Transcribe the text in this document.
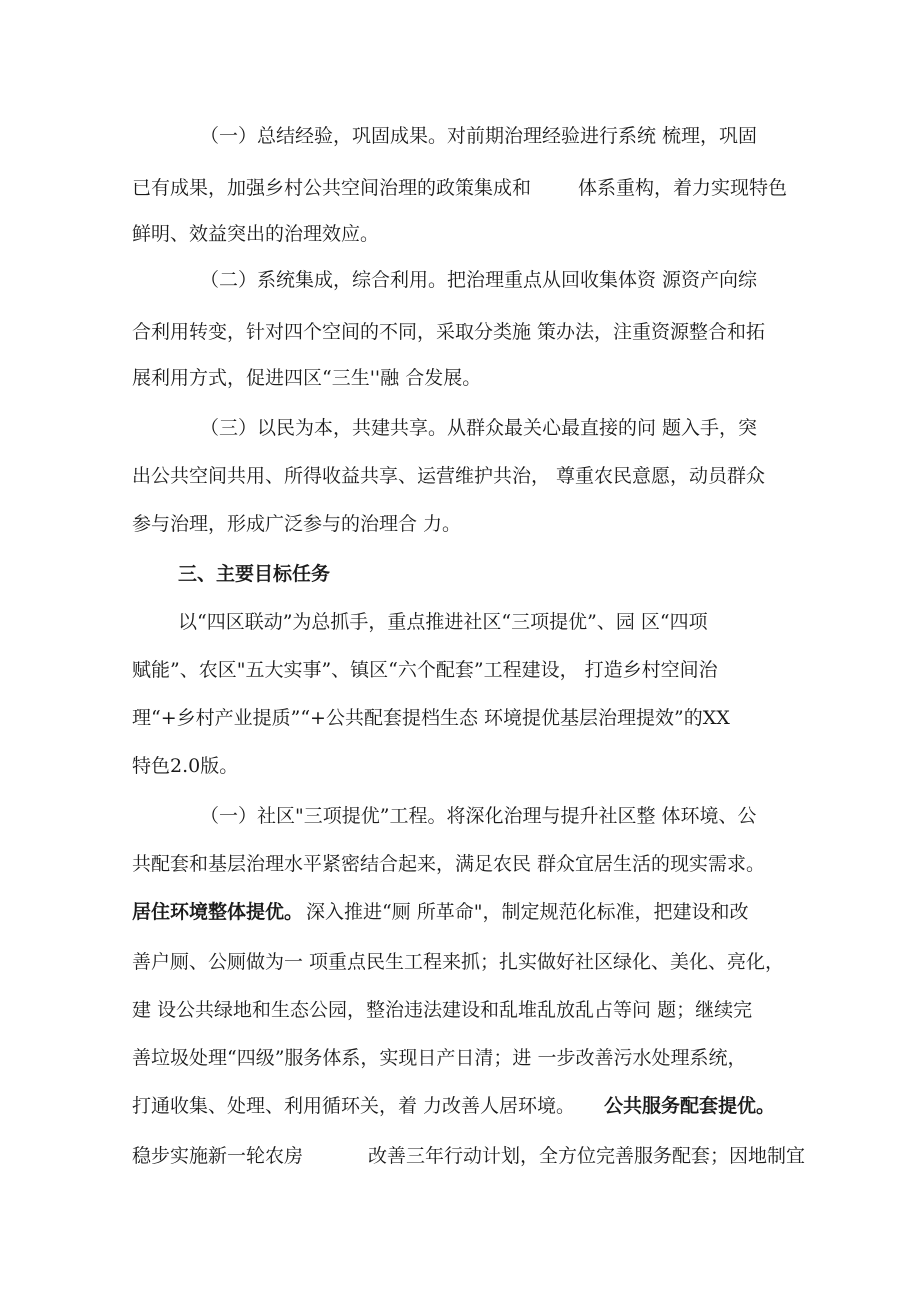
（一）总结经验，巩固成果。对前期治理经验进行系统 梳理，巩固
已有成果，加强乡村公共空间治理的政策集成和 体系重构，着力实现特色
鲜明、效益突出的治理效应。
（二）系统集成，综合利用。把治理重点从回收集体资 源资产向综
合利用转变，针对四个空间的不同，采取分类施 策办法，注重资源整合和拓
展利用方式，促进四区“三生''融 合发展。
（三）以民为本，共建共享。从群众最关心最直接的问 题入手，突
出公共空间共用、所得收益共享、运营维护共治， 尊重农民意愿，动员群众
参与治理，形成广泛参与的治理合 力。
三、主要目标任务
以“四区联动”为总抓手，重点推进社区“三项提优”、园 区“四项
赋能”、农区"五大实事”、镇区“六个配套”工程建设， 打造乡村空间治
理“+乡村产业提质”“+公共配套提档生态 环境提优基层治理提效”的XX
特色2.0版。
（一）社区"三项提优”工程。将深化治理与提升社区整 体环境、公
共配套和基层治理水平紧密结合起来，满足农民 群众宜居生活的现实需求。
居住环境整体提优。 深入推进“厕 所革命"，制定规范化标准，把建设和改
善户厕、公厕做为一 项重点民生工程来抓；扎实做好社区绿化、美化、亮化，
建 设公共绿地和生态公园，整治违法建设和乱堆乱放乱占等问 题；继续完
善垃圾处理“四级”服务体系，实现日产日清；进 一步改善污水处理系统，
打通收集、处理、利用循环关，着 力改善人居环境。 公共服务配套提优。
稳步实施新一轮农房	改善三年行动计划，全方位完善服务配套；因地制宜
